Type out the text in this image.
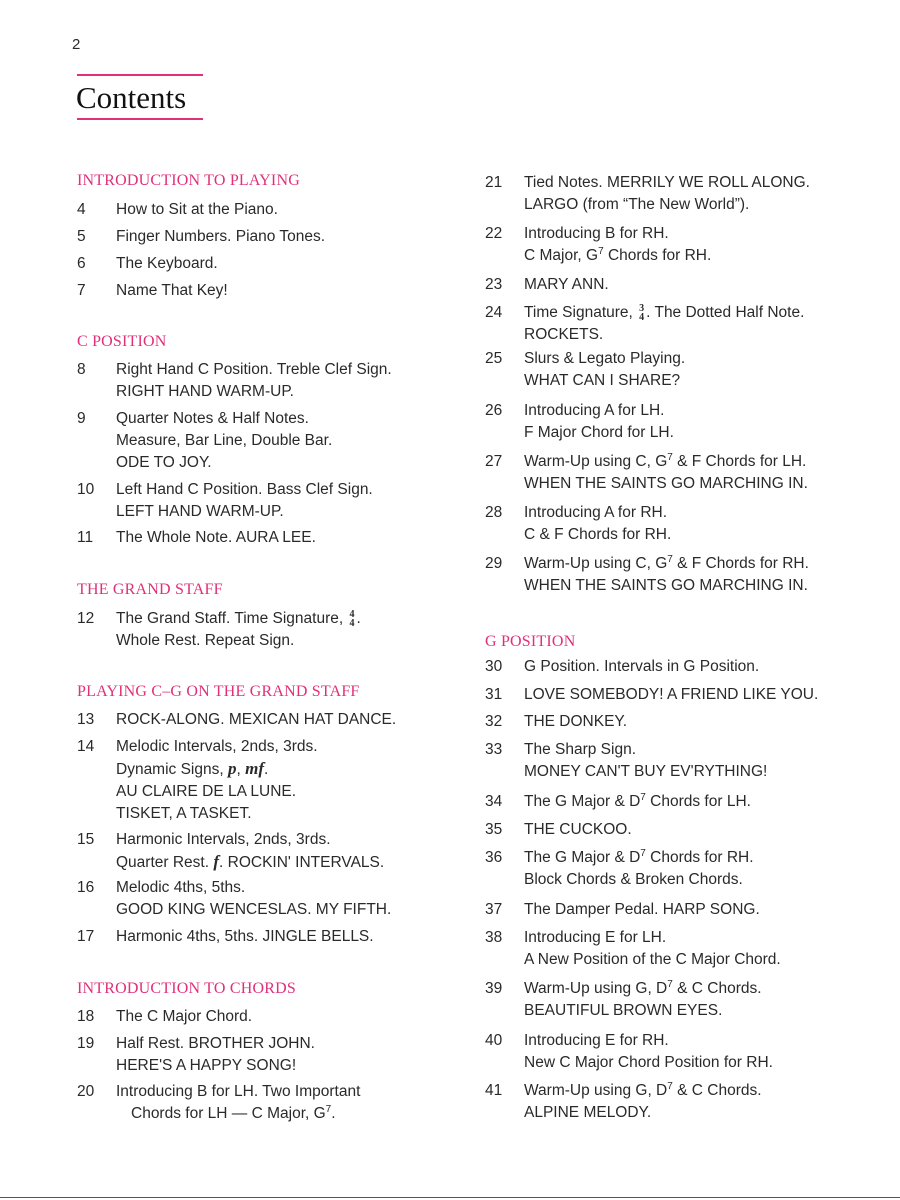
2
Contents
INTRODUCTION TO PLAYING
4	How to Sit at the Piano.
5	Finger Numbers. Piano Tones.
6	The Keyboard.
7	Name That Key!
C POSITION
8	Right Hand C Position. Treble Clef Sign.
RIGHT HAND WARM-UP.
9	Quarter Notes & Half Notes.
Measure, Bar Line, Double Bar.
ODE TO JOY.
10	Left Hand C Position. Bass Clef Sign.
LEFT HAND WARM-UP.
11	The Whole Note. AURA LEE.
THE GRAND STAFF
12	The Grand Staff. Time Signature, 4
4 .
Whole Rest. Repeat Sign.
PLAYING C–G ON THE GRAND STAFF
13	ROCK-ALONG. MEXICAN HAT DANCE.
14	Melodic Intervals, 2nds, 3rds.
Dynamic Signs, p, mf.
AU CLAIRE DE LA LUNE.
TISKET, A TASKET.
15	Harmonic Intervals, 2nds, 3rds.
Quarter Rest. f. ROCKIN' INTERVALS.
16	Melodic 4ths, 5ths.
GOOD KING WENCESLAS. MY FIFTH.
17	Harmonic 4ths, 5ths. JINGLE BELLS.
INTRODUCTION TO CHORDS
18	The C Major Chord.
19	Half Rest. BROTHER JOHN.
HERE'S A HAPPY SONG!
20	Introducing B for LH. Two Important
Chords for LH — C Major, $G^7$.
21	Tied Notes. MERRILY WE ROLL ALONG.
LARGO (from “The New World”).
22	Introducing B for RH.
C Major, $G^7$ Chords for RH.
23	MARY ANN.
24	Time Signature, 3
4 . The Dotted Half Note.
ROCKETS.
25	Slurs & Legato Playing.
WHAT CAN I SHARE?
26	Introducing A for LH.
F Major Chord for LH.
27	Warm-Up using C, $G^7$ & F Chords for LH.
WHEN THE SAINTS GO MARCHING IN.
28	Introducing A for RH.
C & F Chords for RH.
29	Warm-Up using C, $G^7$ & F Chords for RH.
WHEN THE SAINTS GO MARCHING IN.
G POSITION
30	G Position. Intervals in G Position.
31	LOVE SOMEBODY! A FRIEND LIKE YOU.
32	THE DONKEY.
33	The Sharp Sign.
MONEY CAN'T BUY EV'RYTHING!
34	The G Major & $D^7$ Chords for LH.
35	THE CUCKOO.
36	The G Major & $D^7$ Chords for RH.
Block Chords & Broken Chords.
37	The Damper Pedal. HARP SONG.
38	Introducing E for LH.
A New Position of the C Major Chord.
39	Warm-Up using G, $D^7$ & C Chords.
BEAUTIFUL BROWN EYES.
40	Introducing E for RH.
New C Major Chord Position for RH.
41	Warm-Up using G, $D^7$ & C Chords.
ALPINE MELODY.
